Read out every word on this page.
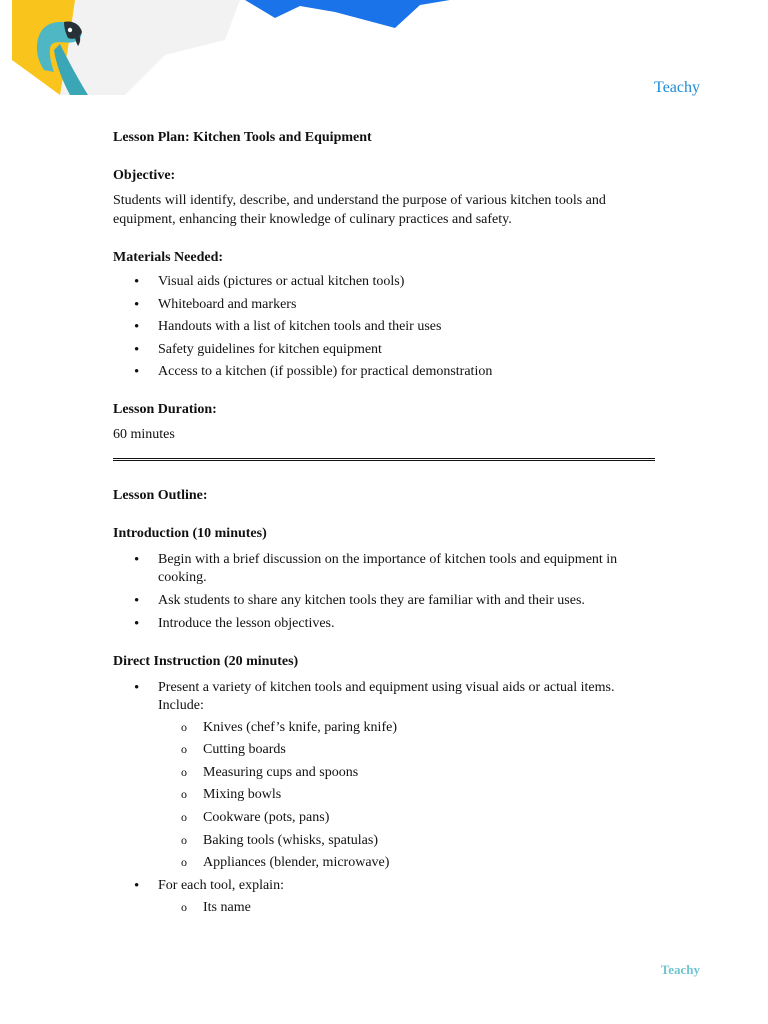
Teachy

Lesson Plan: Kitchen Tools and Equipment

Objective:

Students will identify, describe, and understand the purpose of various kitchen tools and equipment, enhancing their knowledge of culinary practices and safety.

Materials Needed:

• Visual aids (pictures or actual kitchen tools)
• Whiteboard and markers
• Handouts with a list of kitchen tools and their uses
• Safety guidelines for kitchen equipment
• Access to a kitchen (if possible) for practical demonstration

Lesson Duration:

60 minutes

Lesson Outline:

Introduction (10 minutes)

• Begin with a brief discussion on the importance of kitchen tools and equipment in cooking.
• Ask students to share any kitchen tools they are familiar with and their uses.
• Introduce the lesson objectives.

Direct Instruction (20 minutes)

• Present a variety of kitchen tools and equipment using visual aids or actual items. Include:
o Knives (chef’s knife, paring knife)
o Cutting boards
o Measuring cups and spoons
o Mixing bowls
o Cookware (pots, pans)
o Baking tools (whisks, spatulas)
o Appliances (blender, microwave)
• For each tool, explain:
o Its name
Teachy
